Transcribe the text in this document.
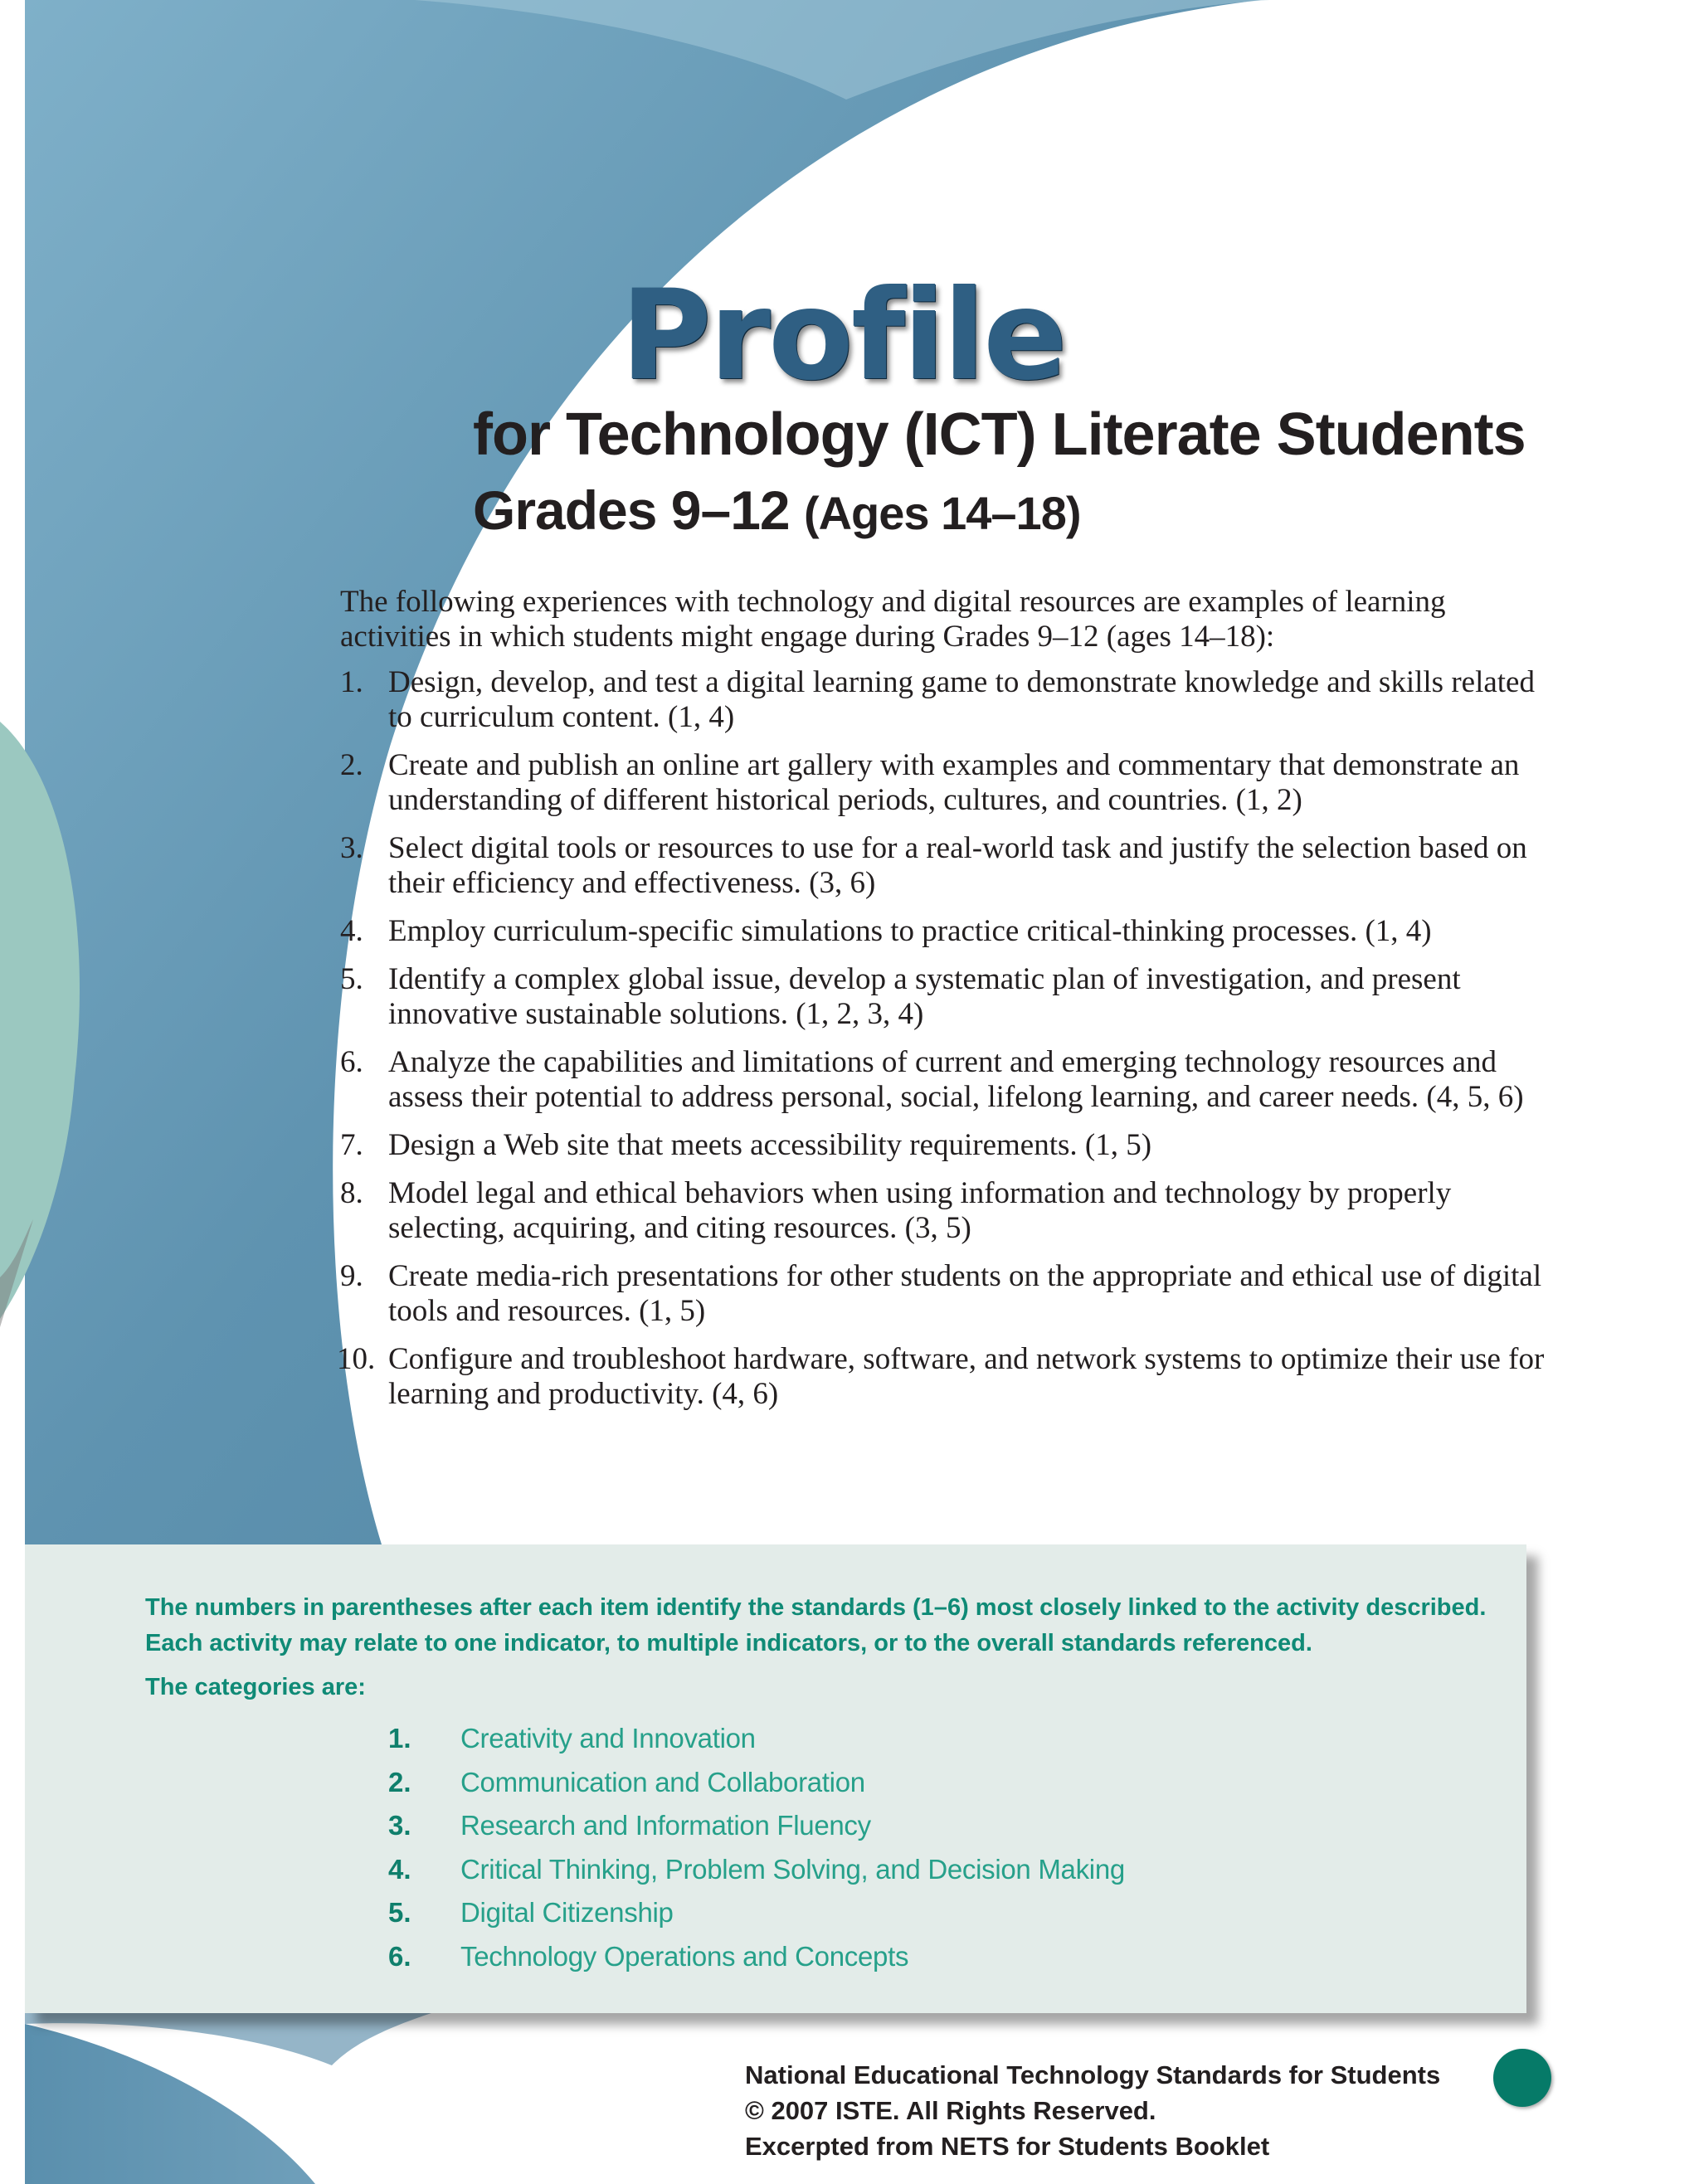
Profile
for Technology (ICT) Literate Students
Grades 9–12 (Ages 14–18)

The following experiences with technology and digital resources are examples of learning activities in which students might engage during Grades 9–12 (ages 14–18):

1. Design, develop, and test a digital learning game to demonstrate knowledge and skills related to curriculum content. (1, 4)
2. Create and publish an online art gallery with examples and commentary that demonstrate an understanding of different historical periods, cultures, and countries. (1, 2)
3. Select digital tools or resources to use for a real-world task and justify the selection based on their efficiency and effectiveness. (3, 6)
4. Employ curriculum-specific simulations to practice critical-thinking processes. (1, 4)
5. Identify a complex global issue, develop a systematic plan of investigation, and present innovative sustainable solutions. (1, 2, 3, 4)
6. Analyze the capabilities and limitations of current and emerging technology resources and assess their potential to address personal, social, lifelong learning, and career needs. (4, 5, 6)
7. Design a Web site that meets accessibility requirements. (1, 5)
8. Model legal and ethical behaviors when using information and technology by properly selecting, acquiring, and citing resources. (3, 5)
9. Create media-rich presentations for other students on the appropriate and ethical use of digital tools and resources. (1, 5)
10. Configure and troubleshoot hardware, software, and network systems to optimize their use for learning and productivity. (4, 6)

The numbers in parentheses after each item identify the standards (1–6) most closely linked to the activity described. Each activity may relate to one indicator, to multiple indicators, or to the overall standards referenced.

The categories are:
1. Creativity and Innovation
2. Communication and Collaboration
3. Research and Information Fluency
4. Critical Thinking, Problem Solving, and Decision Making
5. Digital Citizenship
6. Technology Operations and Concepts
National Educational Technology Standards for Students
© 2007 ISTE. All Rights Reserved.
Excerpted from NETS for Students Booklet
